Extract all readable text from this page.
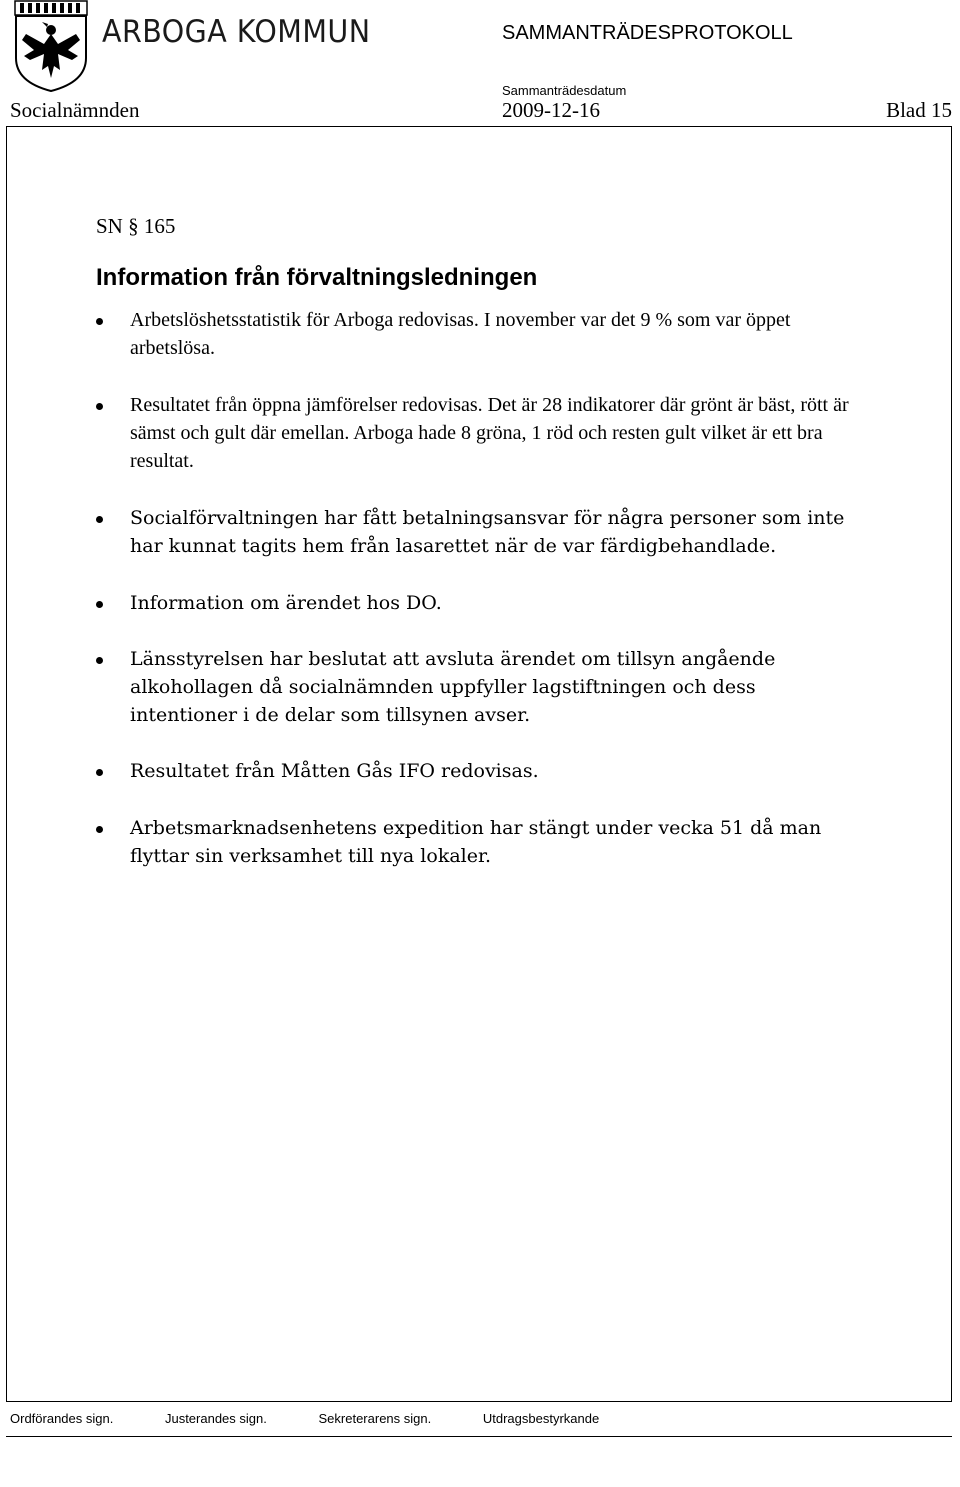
ARBOGA KOMMUN	SAMMANTRÄDESPROTOKOLL
Sammanträdesdatum
Socialnämnden	2009-12-16	Blad 15
SN § 165
Information från förvaltningsledningen
Arbetslöshetsstatistik för Arboga redovisas. I november var det 9 % som var öppet arbetslösa.
Resultatet från öppna jämförelser redovisas. Det är 28 indikatorer där grönt är bäst, rött är sämst och gult där emellan. Arboga hade 8 gröna, 1 röd och resten gult vilket är ett bra resultat.
Socialförvaltningen har fått betalningsansvar för några personer som inte har kunnat tagits hem från lasarettet när de var färdigbehandlade.
Information om ärendet hos DO.
Länsstyrelsen har beslutat att avsluta ärendet om tillsyn angående alkohollagen då socialnämnden uppfyller lagstiftningen och dess intentioner i de delar som tillsynen avser.
Resultatet från Måtten Gås IFO redovisas.
Arbetsmarknadsenhetens expedition har stängt under vecka 51 då man flyttar sin verksamhet till nya lokaler.
Ordförandes sign.	Justerandes sign.	Sekreterarens sign.	Utdragsbestyrkande
